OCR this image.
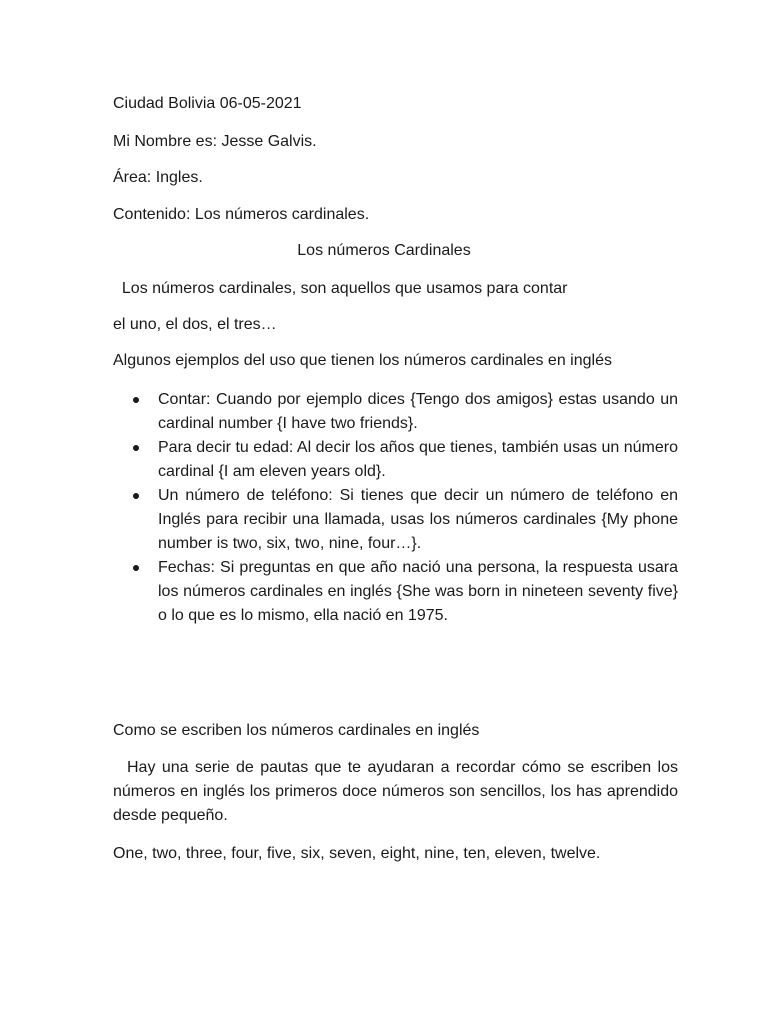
Ciudad Bolivia 06-05-2021
Mi Nombre es: Jesse Galvis.
Área: Ingles.
Contenido: Los números cardinales.
Los números Cardinales
Los números cardinales, son aquellos que usamos para contar
el uno, el dos, el tres…
Algunos ejemplos del uso que tienen los números cardinales en inglés
Contar: Cuando por ejemplo dices {Tengo dos amigos} estas usando un cardinal number {I have two friends}.
Para decir tu edad: Al decir los años que tienes, también usas un número cardinal {I am eleven years old}.
Un número de teléfono: Si tienes que decir un número de teléfono en Inglés para recibir una llamada, usas los números cardinales {My phone number is two, six, two, nine, four…}.
Fechas: Si preguntas en que año nació una persona, la respuesta usara los números cardinales en inglés {She was born in nineteen seventy five} o lo que es lo mismo, ella nació en 1975.
Como se escriben los números cardinales en inglés
Hay una serie de pautas que te ayudaran a recordar cómo se escriben los números en inglés los primeros doce números son sencillos, los has aprendido desde pequeño.
One, two, three, four, five, six, seven, eight, nine, ten, eleven, twelve.
